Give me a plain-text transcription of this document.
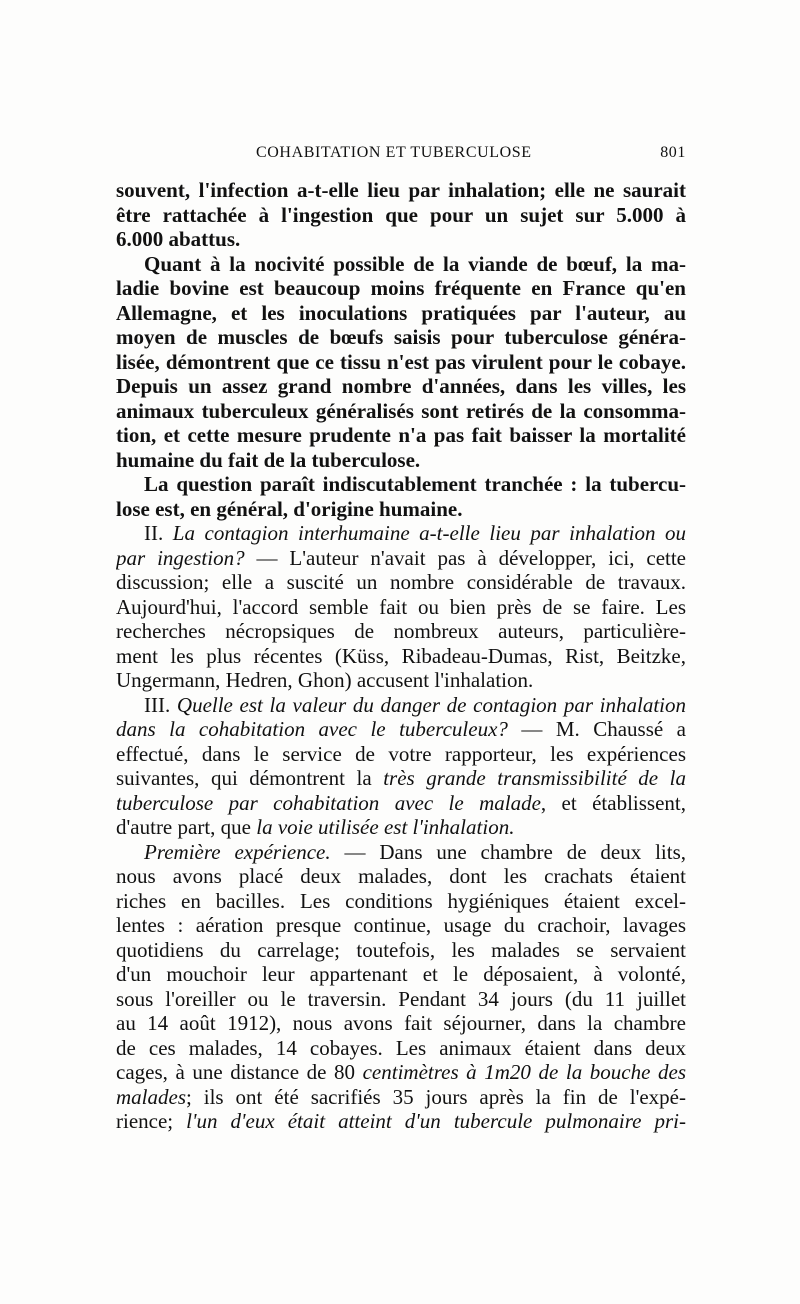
COHABITATION ET TUBERCULOSE	801
souvent, l'infection a-t-elle lieu par inhalation; elle ne saurait
être rattachée à l'ingestion que pour un sujet sur 5.000 à
6.000 abattus.
Quant à la nocivité possible de la viande de bœuf, la ma-
ladie bovine est beaucoup moins fréquente en France qu'en
Allemagne, et les inoculations pratiquées par l'auteur, au
moyen de muscles de bœufs saisis pour tuberculose généra-
lisée, démontrent que ce tissu n'est pas virulent pour le cobaye.
Depuis un assez grand nombre d'années, dans les villes, les
animaux tuberculeux généralisés sont retirés de la consomma-
tion, et cette mesure prudente n'a pas fait baisser la mortalité
humaine du fait de la tuberculose.
La question paraît indiscutablement tranchée : la tubercu-
lose est, en général, d'origine humaine.
II. La contagion interhumaine a-t-elle lieu par inhalation ou
par ingestion? — L'auteur n'avait pas à développer, ici, cette
discussion; elle a suscité un nombre considérable de travaux.
Aujourd'hui, l'accord semble fait ou bien près de se faire. Les
recherches nécropsiques de nombreux auteurs, particulière-
ment les plus récentes (Küss, Ribadeau-Dumas, Rist, Beitzke,
Ungermann, Hedren, Ghon) accusent l'inhalation.
III. Quelle est la valeur du danger de contagion par inhalation
dans la cohabitation avec le tuberculeux? — M. Chaussé a
effectué, dans le service de votre rapporteur, les expériences
suivantes, qui démontrent la très grande transmissibilité de la
tuberculose par cohabitation avec le malade, et établissent,
d'autre part, que la voie utilisée est l'inhalation.
Première expérience. — Dans une chambre de deux lits,
nous avons placé deux malades, dont les crachats étaient
riches en bacilles. Les conditions hygiéniques étaient excel-
lentes : aération presque continue, usage du crachoir, lavages
quotidiens du carrelage; toutefois, les malades se servaient
d'un mouchoir leur appartenant et le déposaient, à volonté,
sous l'oreiller ou le traversin. Pendant 34 jours (du 11 juillet
au 14 août 1912), nous avons fait séjourner, dans la chambre
de ces malades, 14 cobayes. Les animaux étaient dans deux
cages, à une distance de 80 centimètres à 1m20 de la bouche des
malades; ils ont été sacrifiés 35 jours après la fin de l'expé-
rience; l'un d'eux était atteint d'un tubercule pulmonaire pri-
